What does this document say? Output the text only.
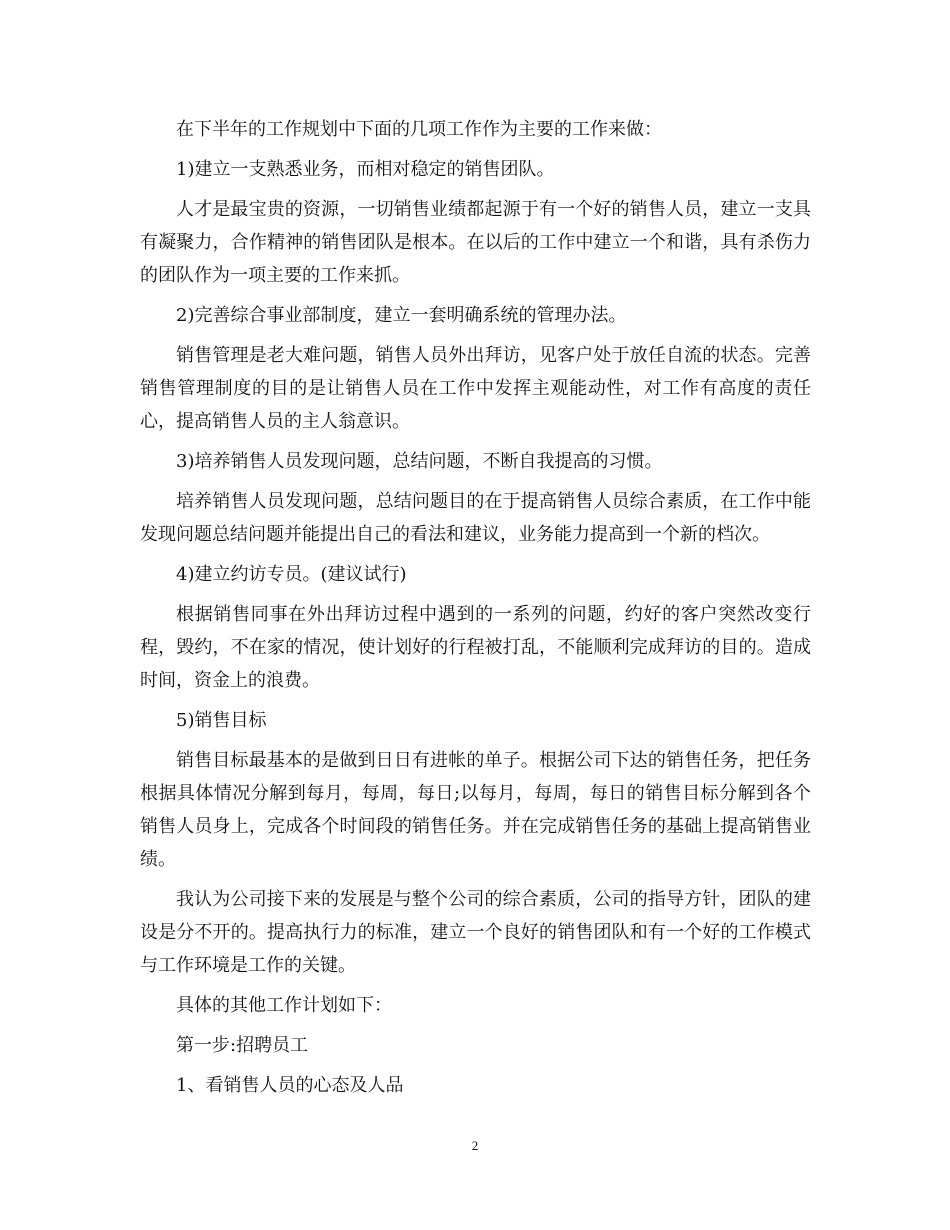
在下半年的工作规划中下面的几项工作作为主要的工作来做：

1)建立一支熟悉业务，而相对稳定的销售团队。

人才是最宝贵的资源，一切销售业绩都起源于有一个好的销售人员，建立一支具有凝聚力，合作精神的销售团队是根本。在以后的工作中建立一个和谐，具有杀伤力的团队作为一项主要的工作来抓。

2)完善综合事业部制度，建立一套明确系统的管理办法。

销售管理是老大难问题，销售人员外出拜访，见客户处于放任自流的状态。完善销售管理制度的目的是让销售人员在工作中发挥主观能动性，对工作有高度的责任心，提高销售人员的主人翁意识。

3)培养销售人员发现问题，总结问题，不断自我提高的习惯。

培养销售人员发现问题，总结问题目的在于提高销售人员综合素质，在工作中能发现问题总结问题并能提出自己的看法和建议，业务能力提高到一个新的档次。

4)建立约访专员。(建议试行)

根据销售同事在外出拜访过程中遇到的一系列的问题，约好的客户突然改变行程，毁约，不在家的情况，使计划好的行程被打乱，不能顺利完成拜访的目的。造成时间，资金上的浪费。

5)销售目标

销售目标最基本的是做到日日有进帐的单子。根据公司下达的销售任务，把任务根据具体情况分解到每月，每周，每日;以每月，每周，每日的销售目标分解到各个销售人员身上，完成各个时间段的销售任务。并在完成销售任务的基础上提高销售业绩。

我认为公司接下来的发展是与整个公司的综合素质，公司的指导方针，团队的建设是分不开的。提高执行力的标准，建立一个良好的销售团队和有一个好的工作模式与工作环境是工作的关键。

具体的其他工作计划如下：

第一步:招聘员工

1、看销售人员的心态及人品

2
